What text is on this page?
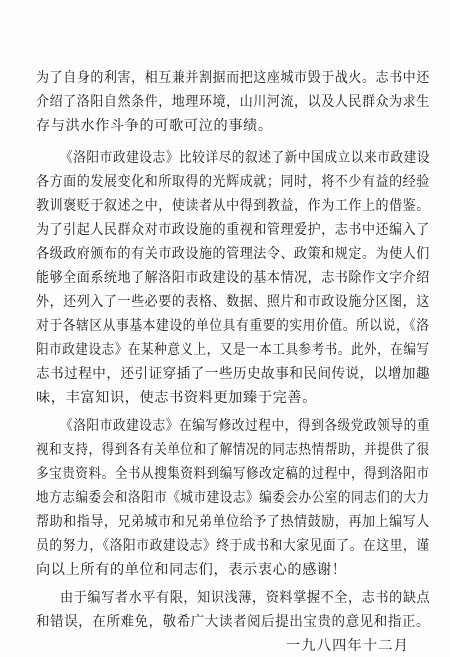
为了自身的利害，相互兼并割据而把这座城市毁于战火。志书中还
介绍了洛阳自然条件，地理环境，山川河流，以及人民群众为求生
存与洪水作斗争的可歌可泣的事绩。
《洛阳市政建设志》比较详尽的叙述了新中国成立以来市政建设
各方面的发展变化和所取得的光辉成就；同时，将不少有益的经验
教训褒贬于叙述之中，使读者从中得到教益，作为工作上的借鉴。
为了引起人民群众对市政设施的重视和管理爱护，志书中还编入了
各级政府颁布的有关市政设施的管理法令、政策和规定。为使人们
能够全面系统地了解洛阳市政建设的基本情况，志书除作文字介绍
外，还列入了一些必要的表格、数据、照片和市政设施分区图，这
对于各辖区从事基本建设的单位具有重要的实用价值。所以说，《洛
阳市政建设志》在某种意义上，又是一本工具参考书。此外，在编写
志书过程中，还引证穿插了一些历史故事和民间传说，以增加趣
味，丰富知识，使志书资料更加臻于完善。
《洛阳市政建设志》在编写修改过程中，得到各级党政领导的重
视和支持，得到各有关单位和了解情况的同志热情帮助，并提供了很
多宝贵资料。全书从搜集资料到编写修改定稿的过程中，得到洛阳市
地方志编委会和洛阳市《城市建设志》编委会办公室的同志们的大力
帮助和指导，兄弟城市和兄弟单位给予了热情鼓励，再加上编写人
员的努力，《洛阳市政建设志》终于成书和大家见面了。在这里，谨
向以上所有的单位和同志们，表示衷心的感谢！
由于编写者水平有限，知识浅薄，资料掌握不全，志书的缺点
和错误，在所难免，敬希广大读者阅后提出宝贵的意见和指正。
一九八四年十二月
